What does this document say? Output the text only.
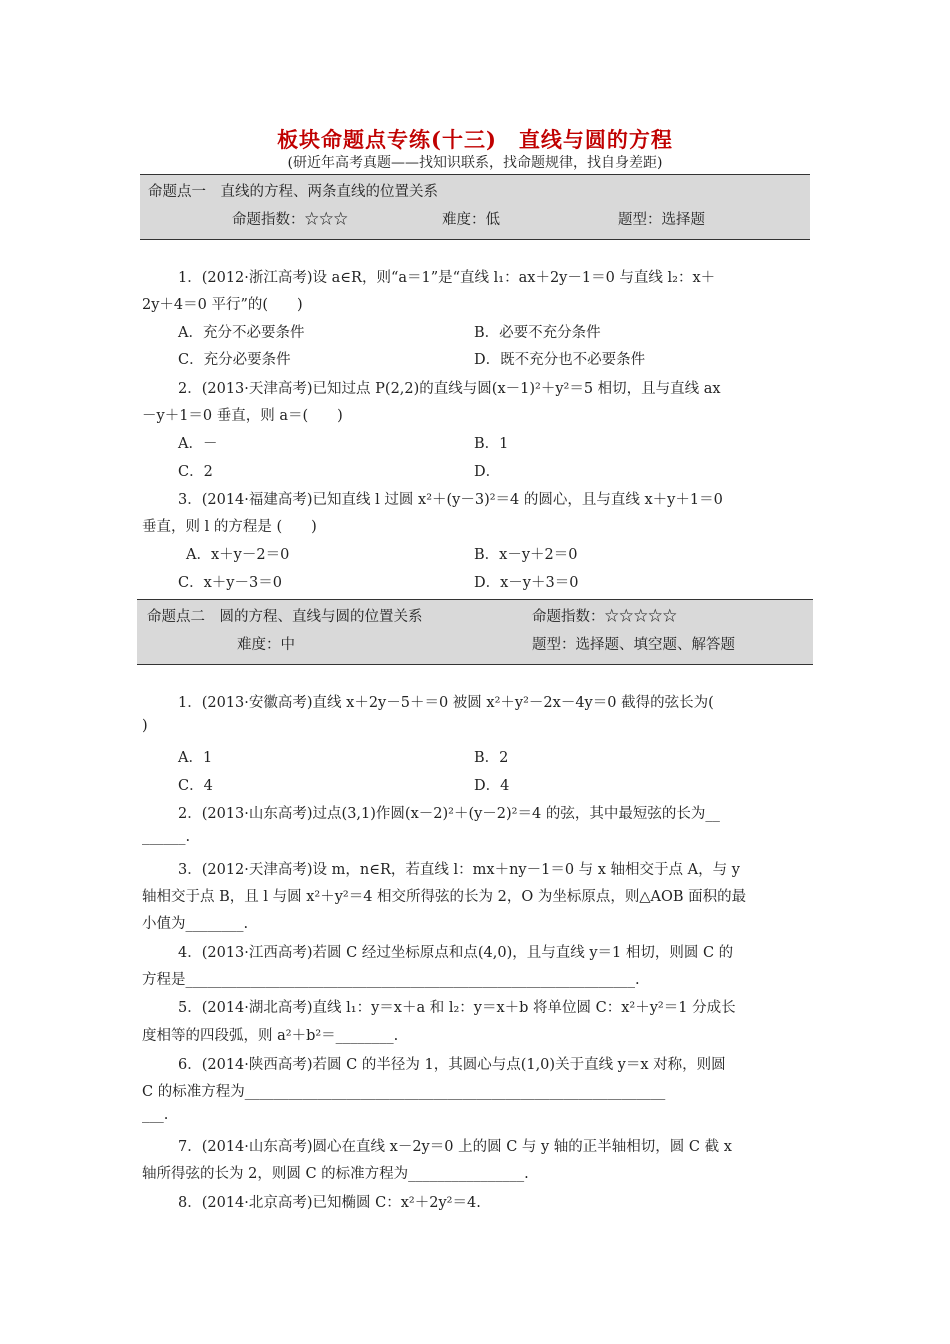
板块命题点专练(十三)　直线与圆的方程
(研近年高考真题——找知识联系，找命题规律，找自身差距)
命题点一　直线的方程、两条直线的位置关系
命题指数：☆☆☆	难度：低	题型：选择题
1．(2012·浙江高考)设 a∈R，则“a＝1”是“直线 l₁：ax＋2y－1＝0 与直线 l₂：x＋
2y＋4＝0 平行”的(　　)
A．充分不必要条件	B．必要不充分条件
C．充分必要条件	D．既不充分也不必要条件
2．(2013·天津高考)已知过点 P(2,2)的直线与圆(x－1)²＋y²＝5 相切，且与直线 ax
－y＋1＝0 垂直，则 a＝(　　)
A．－	B．1
C．2	D．
3．(2014·福建高考)已知直线 l 过圆 x²＋(y－3)²＝4 的圆心，且与直线 x＋y＋1＝0
垂直，则 l 的方程是 (　　)
A．x＋y－2＝0	B．x－y＋2＝0
C．x＋y－3＝0	D．x－y＋3＝0
命题点二　圆的方程、直线与圆的位置关系	命题指数：☆☆☆☆☆
难度：中	题型：选择题、填空题、解答题
1．(2013·安徽高考)直线 x＋2y－5＋＝0 被圆 x²＋y²－2x－4y＝0 截得的弦长为(
)
A．1	B．2
C．4	D．4
2．(2013·山东高考)过点(3,1)作圆(x－2)²＋(y－2)²＝4 的弦，其中最短弦的长为__
______.
3．(2012·天津高考)设 m，n∈R，若直线 l：mx＋ny－1＝0 与 x 轴相交于点 A，与 y
轴相交于点 B，且 l 与圆 x²＋y²＝4 相交所得弦的长为 2，O 为坐标原点，则△AOB 面积的最
小值为________.
4．(2013·江西高考)若圆 C 经过坐标原点和点(4,0)，且与直线 y＝1 相切，则圆 C 的
方程是______________________________________________________________.
5．(2014·湖北高考)直线 l₁：y＝x＋a 和 l₂：y＝x＋b 将单位圆 C：x²＋y²＝1 分成长
度相等的四段弧，则 a²＋b²＝________.
6．(2014·陕西高考)若圆 C 的半径为 1，其圆心与点(1,0)关于直线 y＝x 对称，则圆
C 的标准方程为__________________________________________________________
___.
7．(2014·山东高考)圆心在直线 x－2y＝0 上的圆 C 与 y 轴的正半轴相切，圆 C 截 x
轴所得弦的长为 2，则圆 C 的标准方程为________________.
8．(2014·北京高考)已知椭圆 C：x²＋2y²＝4.
